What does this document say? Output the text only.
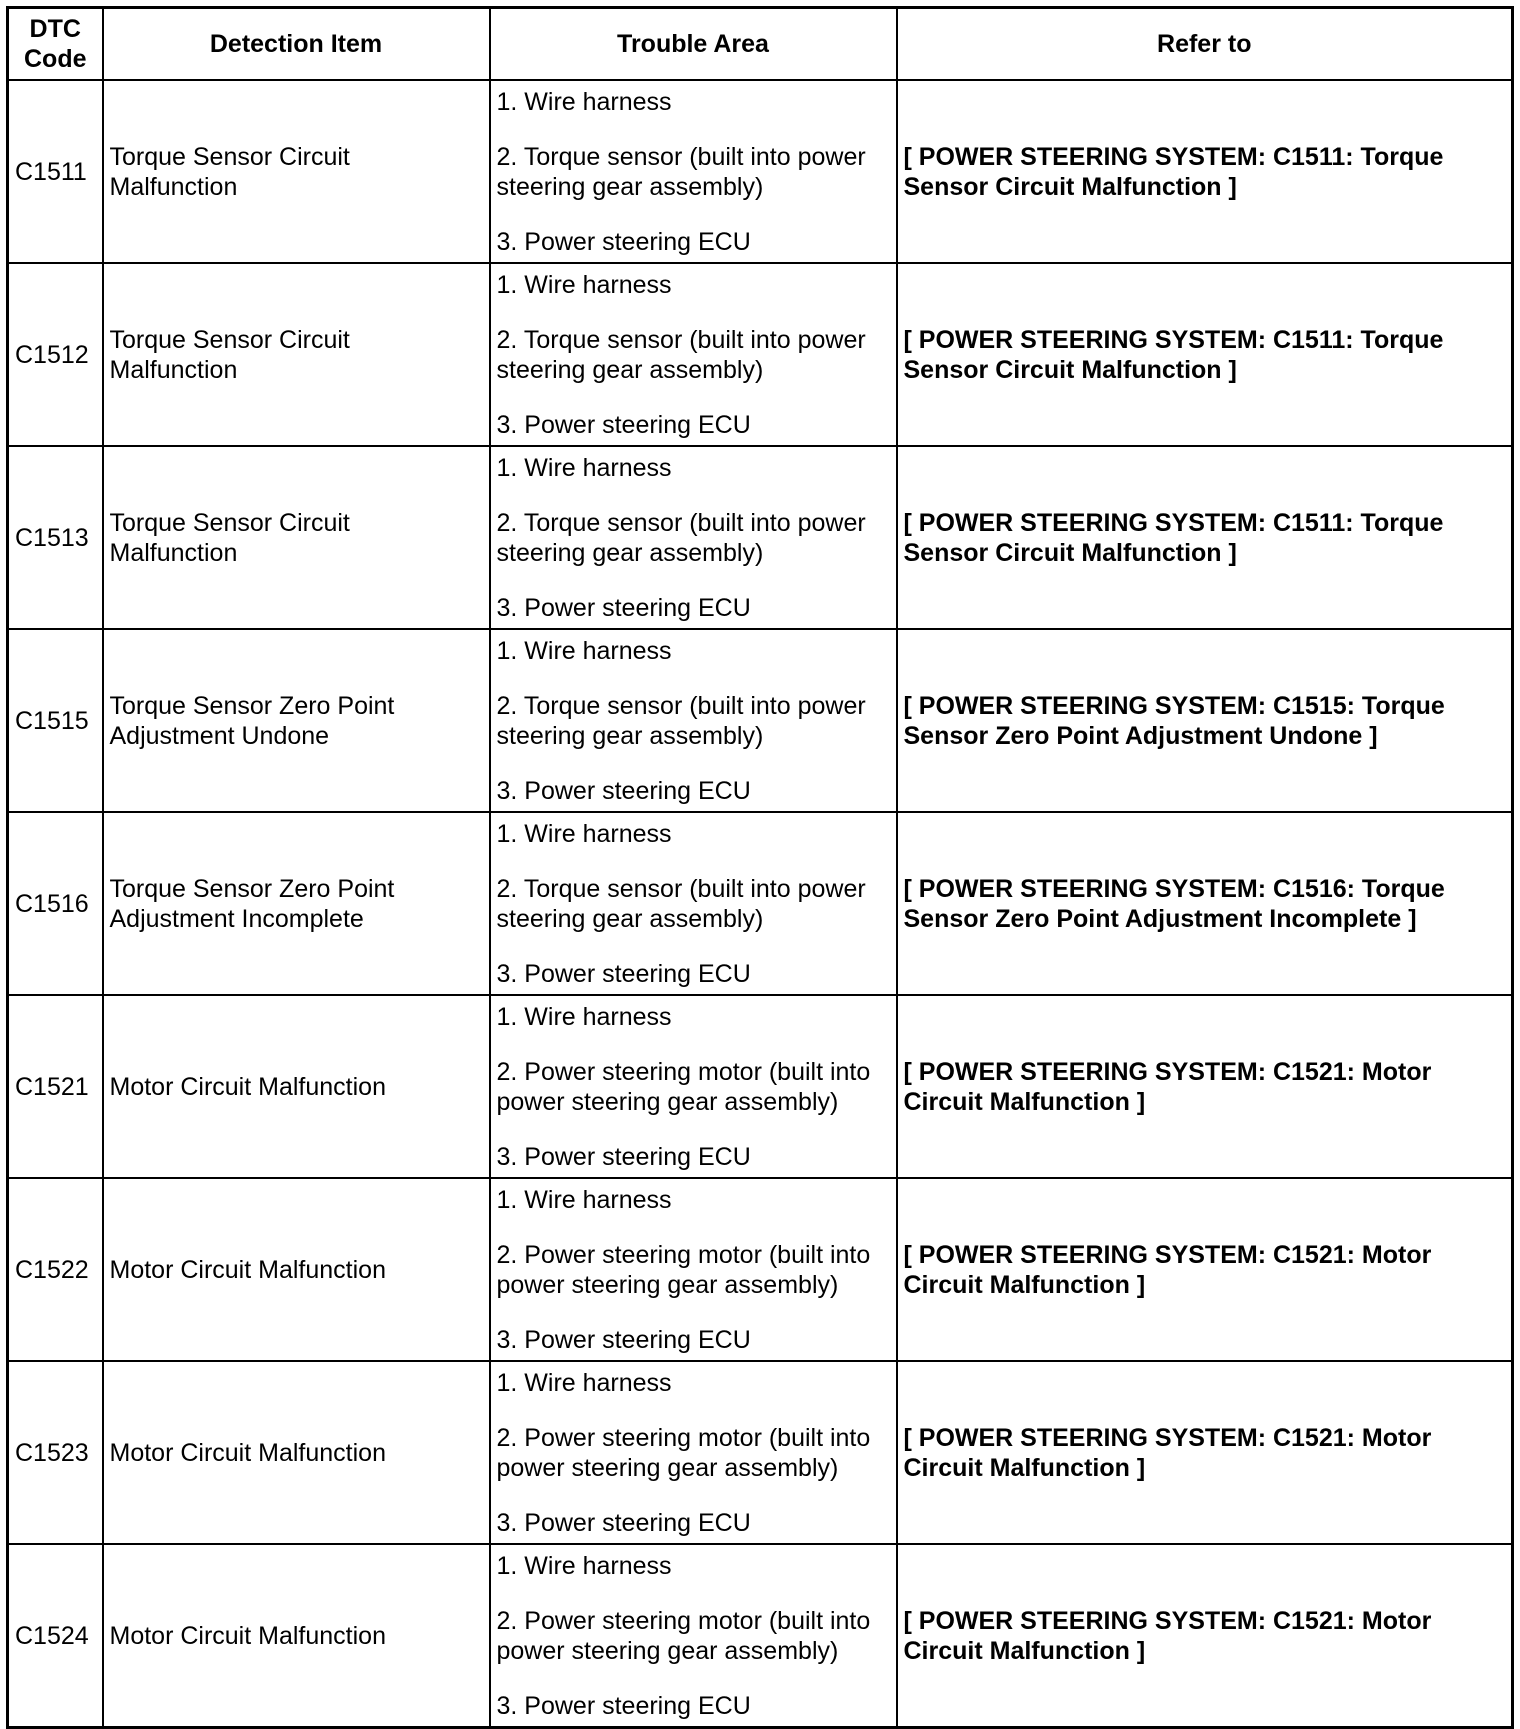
DTC Code	Detection Item	Trouble Area	Refer to
C1511	Torque Sensor Circuit Malfunction	1. Wire harness
2. Torque sensor (built into power steering gear assembly)
3. Power steering ECU	[ POWER STEERING SYSTEM: C1511: Torque Sensor Circuit Malfunction ]
C1512	Torque Sensor Circuit Malfunction	1. Wire harness
2. Torque sensor (built into power steering gear assembly)
3. Power steering ECU	[ POWER STEERING SYSTEM: C1511: Torque Sensor Circuit Malfunction ]
C1513	Torque Sensor Circuit Malfunction	1. Wire harness
2. Torque sensor (built into power steering gear assembly)
3. Power steering ECU	[ POWER STEERING SYSTEM: C1511: Torque Sensor Circuit Malfunction ]
C1515	Torque Sensor Zero Point Adjustment Undone	1. Wire harness
2. Torque sensor (built into power steering gear assembly)
3. Power steering ECU	[ POWER STEERING SYSTEM: C1515: Torque Sensor Zero Point Adjustment Undone ]
C1516	Torque Sensor Zero Point Adjustment Incomplete	1. Wire harness
2. Torque sensor (built into power steering gear assembly)
3. Power steering ECU	[ POWER STEERING SYSTEM: C1516: Torque Sensor Zero Point Adjustment Incomplete ]
C1521	Motor Circuit Malfunction	1. Wire harness
2. Power steering motor (built into power steering gear assembly)
3. Power steering ECU	[ POWER STEERING SYSTEM: C1521: Motor Circuit Malfunction ]
C1522	Motor Circuit Malfunction	1. Wire harness
2. Power steering motor (built into power steering gear assembly)
3. Power steering ECU	[ POWER STEERING SYSTEM: C1521: Motor Circuit Malfunction ]
C1523	Motor Circuit Malfunction	1. Wire harness
2. Power steering motor (built into power steering gear assembly)
3. Power steering ECU	[ POWER STEERING SYSTEM: C1521: Motor Circuit Malfunction ]
C1524	Motor Circuit Malfunction	1. Wire harness
2. Power steering motor (built into power steering gear assembly)
3. Power steering ECU	[ POWER STEERING SYSTEM: C1521: Motor Circuit Malfunction ]
